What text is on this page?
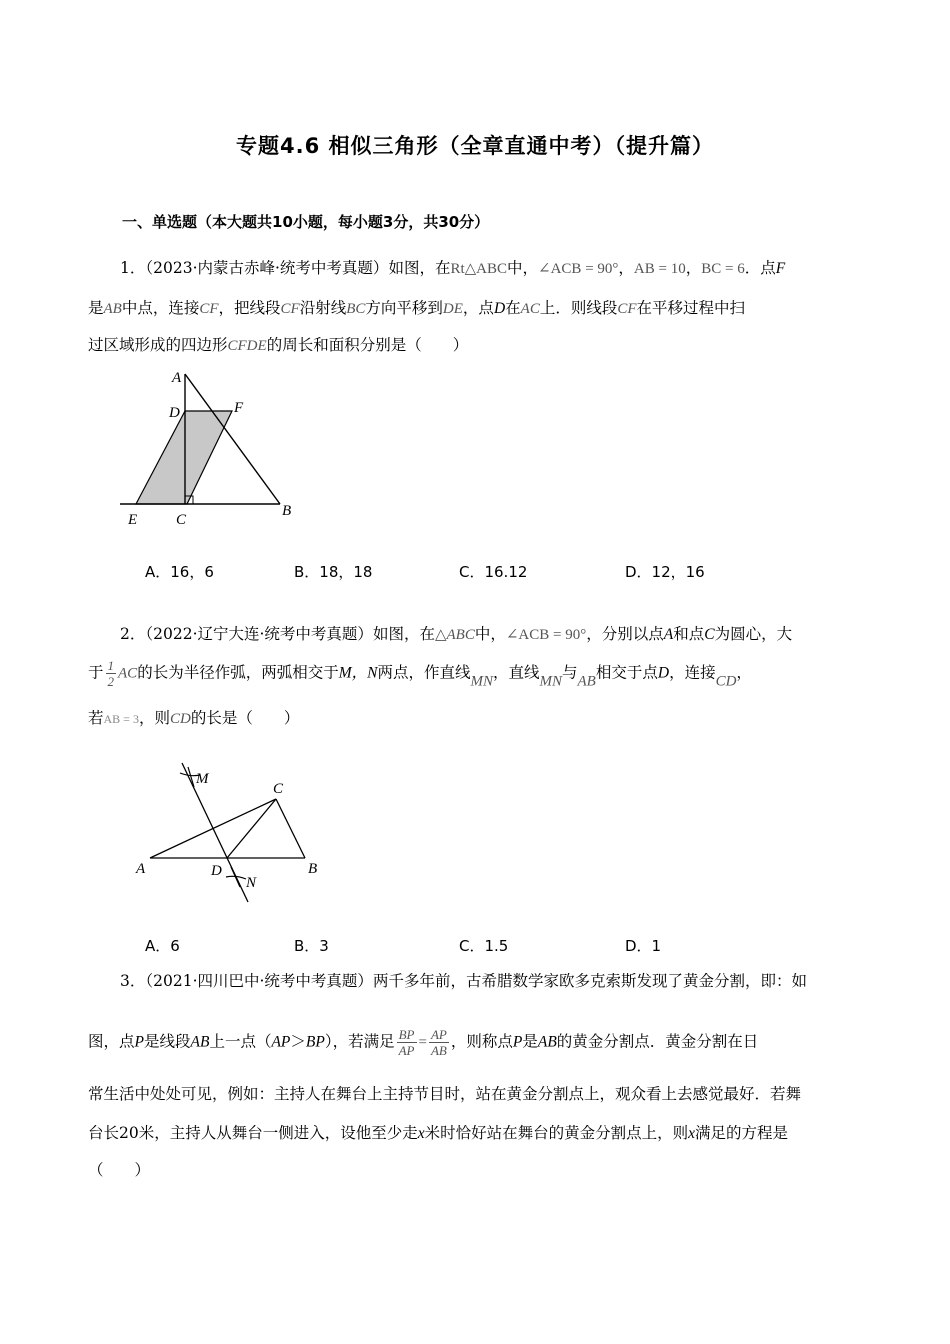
专题4.6 相似三角形（全章直通中考）（提升篇）
一、单选题（本大题共10小题，每小题3分，共30分）
1．（2023·内蒙古赤峰·统考中考真题）如图，在Rt△ABC中，∠ACB = 90°，AB = 10，BC = 6．点F
是AB中点，连接CF，把线段CF沿射线BC方向平移到DE，点D在AC上．则线段CF在平移过程中扫
过区域形成的四边形CFDE的周长和面积分别是（　　）
A
D	F
E	C
B
A．16，6	B．18，18	C．16.12	D．12，16
2．（2022·辽宁大连·统考中考真题）如图，在△ABC中，∠ACB = 90°，分别以点A和点C为圆心，大
于 $\frac{1}{2}$ AC的长为半径作弧，两弧相交于M，N两点，作直线MN，直线MN与AB相交于点D，连接CD，
若AB = 3，则CD的长是（　　）
M
C
A	D
N
B
A．6	B．3	C．1.5	D．1
3．（2021·四川巴中·统考中考真题）两千多年前，古希腊数学家欧多克索斯发现了黄金分割，即：如
图，点P是线段AB上一点（AP＞BP），若满足 $\frac{BP}{AP} = \frac{AP}{AB}$ ，则称点P是AB的黄金分割点．黄金分割在日
常生活中处处可见，例如：主持人在舞台上主持节目时，站在黄金分割点上，观众看上去感觉最好．若舞
台长20米，主持人从舞台一侧进入，设他至少走x米时恰好站在舞台的黄金分割点上，则x满足的方程是
（　　）
